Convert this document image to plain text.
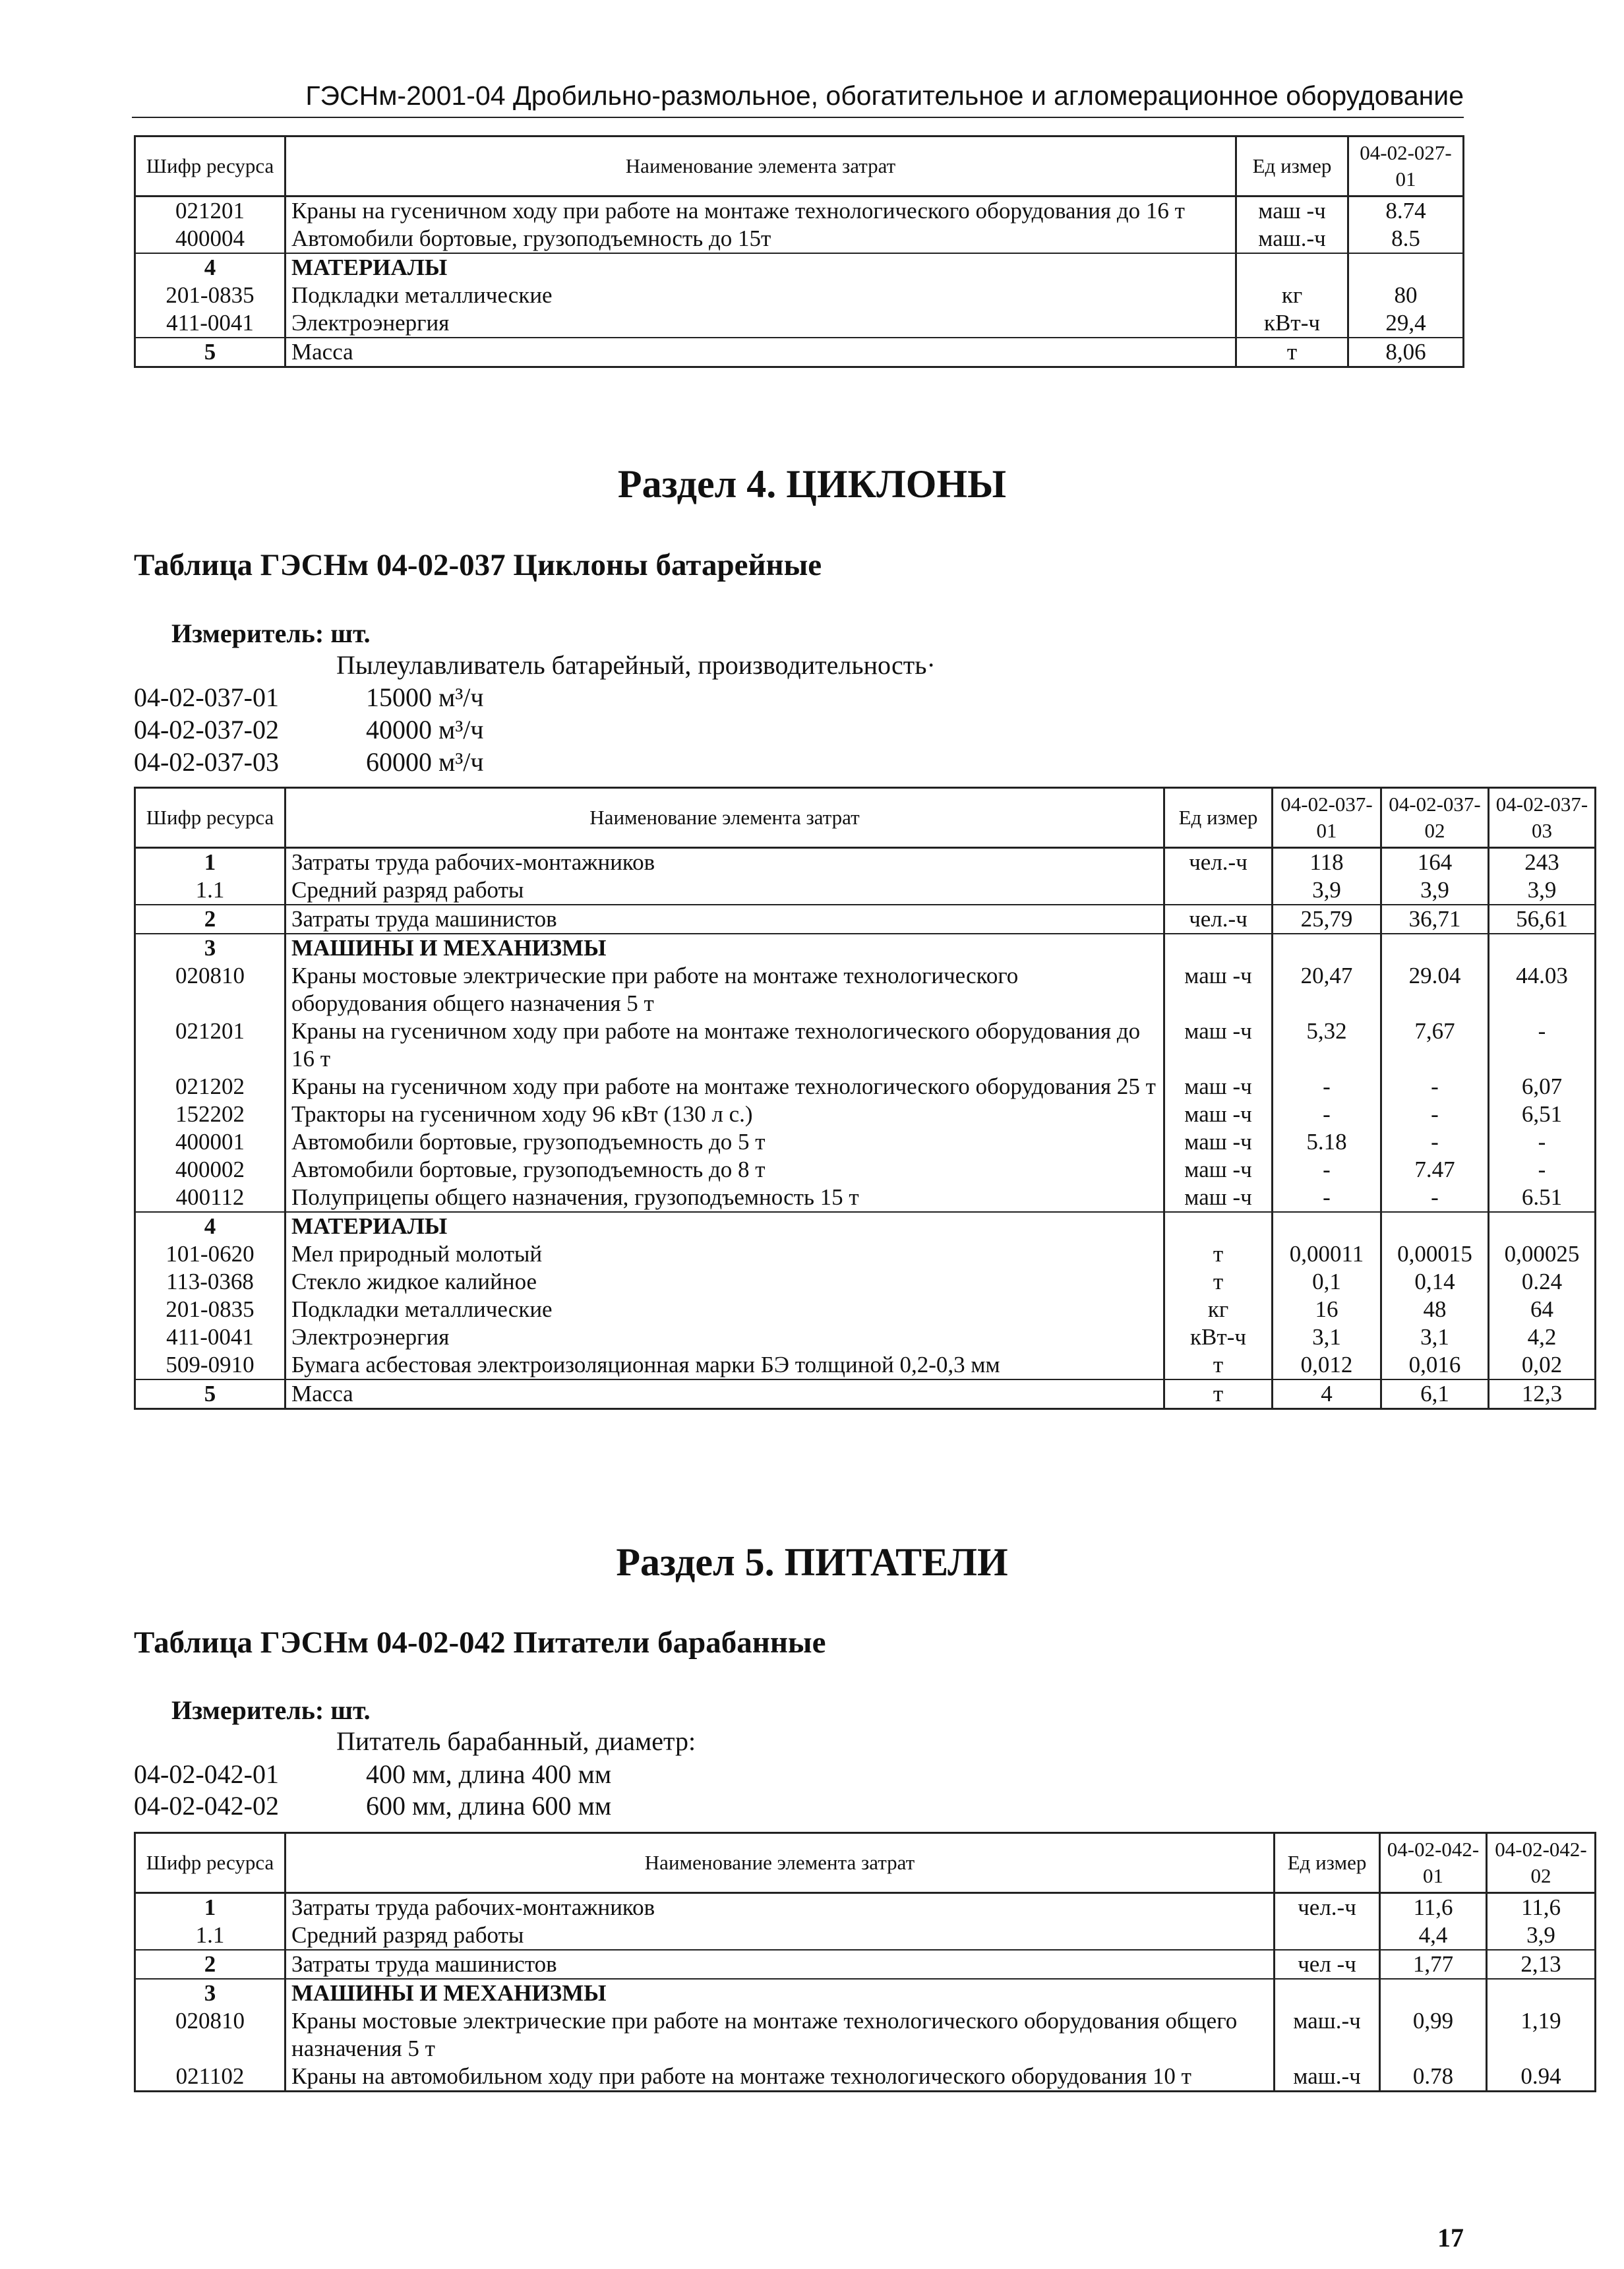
ГЭСНм-2001-04 Дробильно-размольное, обогатительное и агломерационное оборудование
Шифр ресурса	Наименование элемента затрат	Ед измер	04-02-027-01
021201	Краны на гусеничном ходу при работе на монтаже технологического оборудования до 16 т	маш -ч	8.74
400004	Автомобили бортовые, грузоподъемность до 15т	маш.-ч	8.5
4	МАТЕРИАЛЫ		
201-0835	Подкладки металлические	кг	80
411-0041	Электроэнергия	кВт-ч	29,4
5	Масса	т	8,06
Раздел 4. ЦИКЛОНЫ
Таблица ГЭСНм 04-02-037 Циклоны батарейные
Измеритель: шт.
Пылеулавливатель батарейный, производительность·
04-02-037-01	15000 м³/ч
04-02-037-02	40000 м³/ч
04-02-037-03	60000 м³/ч
Шифр ресурса	Наименование элемента затрат	Ед измер	04-02-037-01	04-02-037-02	04-02-037-03
1	Затраты труда рабочих-монтажников	чел.-ч	118	164	243
1.1	Средний разряд работы		3,9	3,9	3,9
2	Затраты труда машинистов	чел.-ч	25,79	36,71	56,61
3	МАШИНЫ И МЕХАНИЗМЫ				
020810	Краны мостовые электрические при работе на монтаже технологического оборудования общего назначения 5 т	маш -ч	20,47	29.04	44.03
021201	Краны на гусеничном ходу при работе на монтаже технологического оборудования до 16 т	маш -ч	5,32	7,67	-
021202	Краны на гусеничном ходу при работе на монтаже технологического оборудования 25 т	маш -ч	-	-	6,07
152202	Тракторы на гусеничном ходу 96 кВт (130 л с.)	маш -ч	-	-	6,51
400001	Автомобили бортовые, грузоподъемность до 5 т	маш -ч	5.18	-	-
400002	Автомобили бортовые, грузоподъемность до 8 т	маш -ч	-	7.47	-
400112	Полуприцепы общего назначения, грузоподъемность 15 т	маш -ч	-	-	6.51
4	МАТЕРИАЛЫ				
101-0620	Мел природный молотый	т	0,00011	0,00015	0,00025
113-0368	Стекло жидкое калийное	т	0,1	0,14	0.24
201-0835	Подкладки металлические	кг	16	48	64
411-0041	Электроэнергия	кВт-ч	3,1	3,1	4,2
509-0910	Бумага асбестовая электроизоляционная марки БЭ толщиной 0,2-0,3 мм	т	0,012	0,016	0,02
5	Масса	т	4	6,1	12,3
Раздел 5. ПИТАТЕЛИ
Таблица ГЭСНм 04-02-042 Питатели барабанные
Измеритель: шт.
Питатель барабанный, диаметр:
04-02-042-01	400 мм, длина 400 мм
04-02-042-02	600 мм, длина 600 мм
Шифр ресурса	Наименование элемента затрат	Ед измер	04-02-042-01	04-02-042-02
1	Затраты труда рабочих-монтажников	чел.-ч	11,6	11,6
1.1	Средний разряд работы		4,4	3,9
2	Затраты труда машинистов	чел -ч	1,77	2,13
3	МАШИНЫ И МЕХАНИЗМЫ			
020810	Краны мостовые электрические при работе на монтаже технологического оборудования общего назначения 5 т	маш.-ч	0,99	1,19
021102	Краны на автомобильном ходу при работе на монтаже технологического оборудования 10 т	маш.-ч	0.78	0.94
17
